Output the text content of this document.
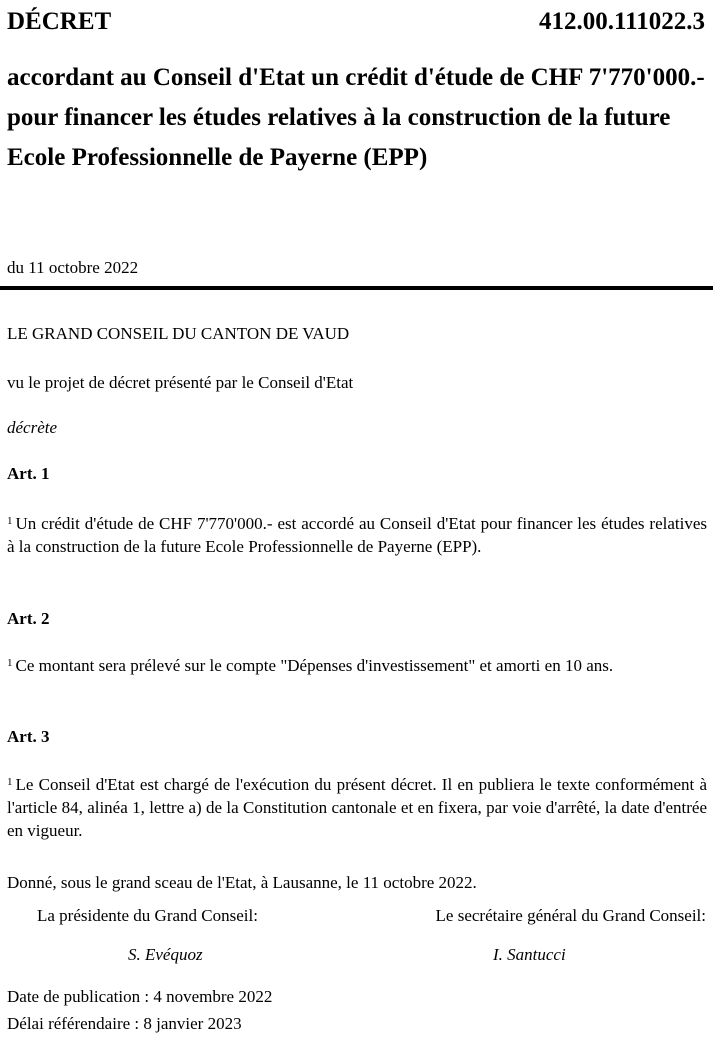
DÉCRET	412.00.111022.3
accordant au Conseil d'Etat un crédit d'étude de CHF 7'770'000.- pour financer les études relatives à la construction de la future Ecole Professionnelle de Payerne (EPP)
du 11 octobre 2022
LE GRAND CONSEIL DU CANTON DE VAUD
vu le projet de décret présenté par le Conseil d'Etat
décrète
Art. 1
$^1$ Un crédit d'étude de CHF 7'770'000.- est accordé au Conseil d'Etat pour financer les études relatives à la construction de la future Ecole Professionnelle de Payerne (EPP).
Art. 2
$^1$ Ce montant sera prélevé sur le compte "Dépenses d'investissement" et amorti en 10 ans.
Art. 3
$^1$ Le Conseil d'Etat est chargé de l'exécution du présent décret. Il en publiera le texte conformément à l'article 84, alinéa 1, lettre a) de la Constitution cantonale et en fixera, par voie d'arrêté, la date d'entrée en vigueur.
Donné, sous le grand sceau de l'Etat, à Lausanne, le 11 octobre 2022.
La présidente du Grand Conseil:	Le secrétaire général du Grand Conseil:
S. Evéquoz	I. Santucci
Date de publication : 4 novembre 2022
Délai référendaire : 8 janvier 2023
